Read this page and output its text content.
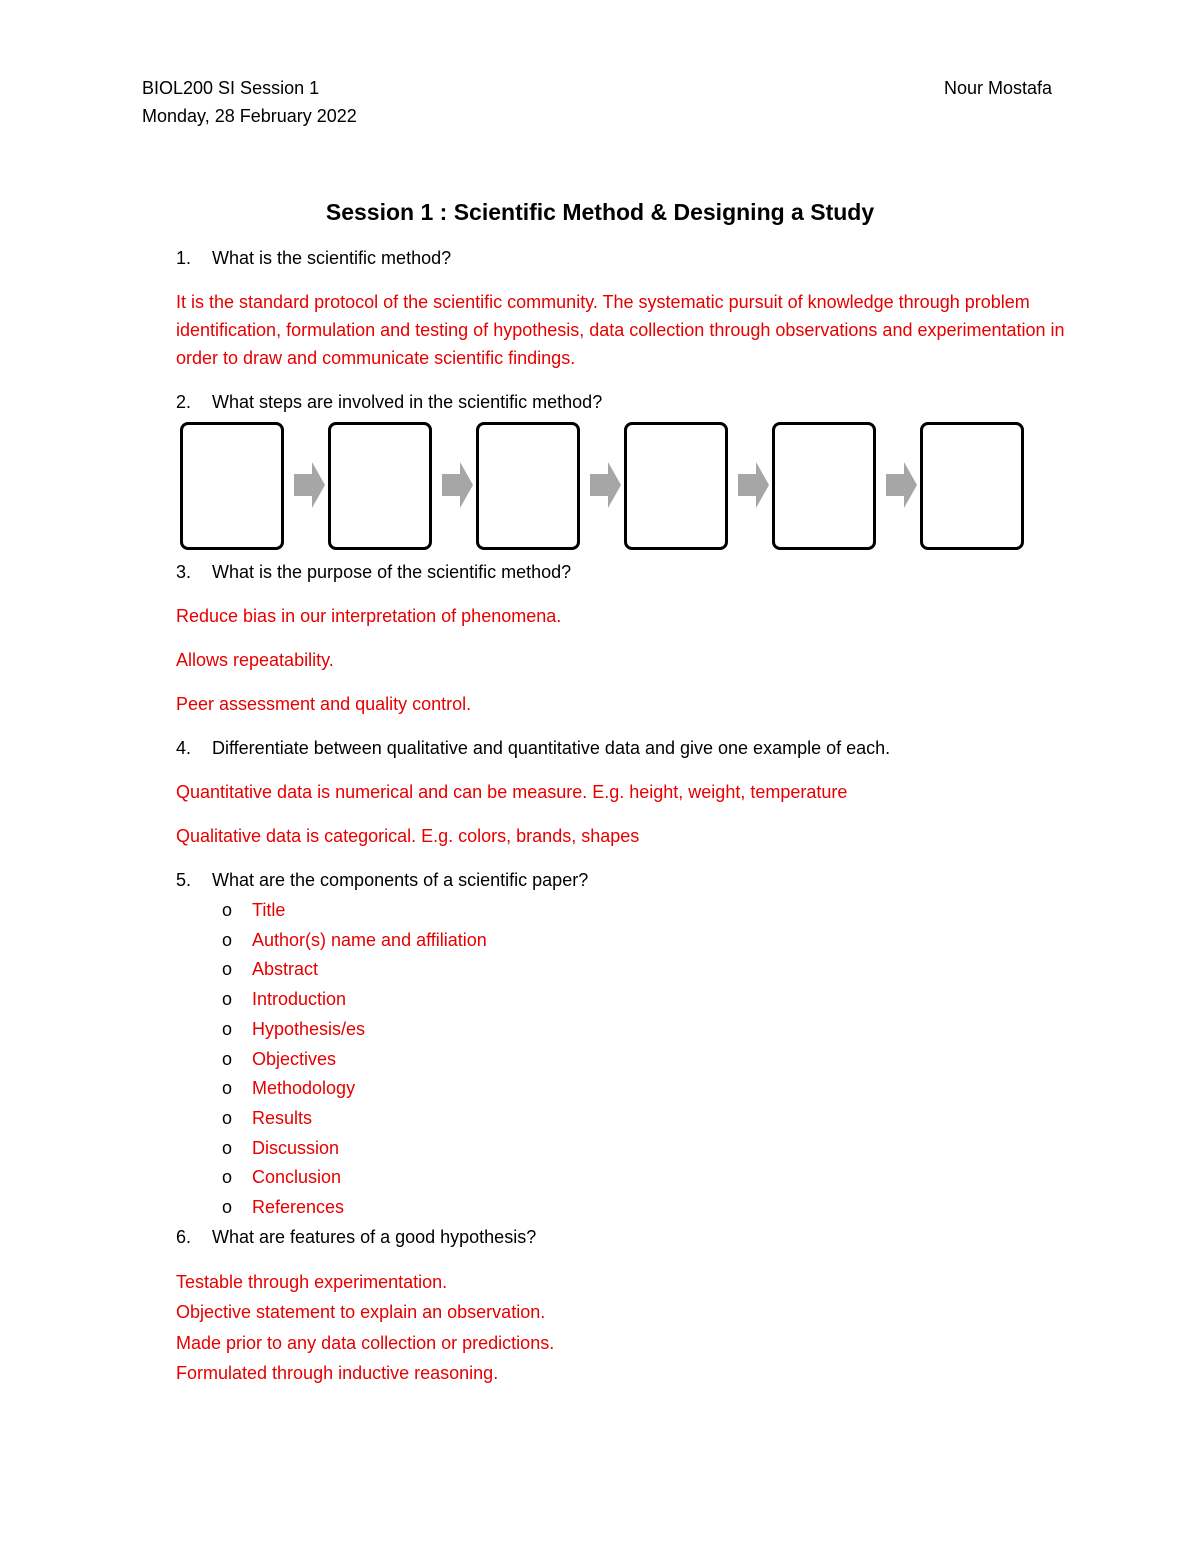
BIOL200 SI Session 1
Monday, 28 February 2022
Nour Mostafa
Session 1 : Scientific Method & Designing a Study

1. What is the scientific method?

It is the standard protocol of the scientific community. The systematic pursuit of knowledge through problem identification, formulation and testing of hypothesis, data collection through observations and experimentation in order to draw and communicate scientific findings.

2. What steps are involved in the scientific method?

3. What is the purpose of the scientific method?

Reduce bias in our interpretation of phenomena.

Allows repeatability.

Peer assessment and quality control.

4. Differentiate between qualitative and quantitative data and give one example of each.

Quantitative data is numerical and can be measure. E.g. height, weight, temperature

Qualitative data is categorical. E.g. colors, brands, shapes

5. What are the components of a scientific paper?

o Title
o Author(s) name and affiliation
o Abstract
o Introduction
o Hypothesis/es
o Objectives
o Methodology
o Results
o Discussion
o Conclusion
o References

6. What are features of a good hypothesis?

Testable through experimentation.

Objective statement to explain an observation.

Made prior to any data collection or predictions.

Formulated through inductive reasoning.
